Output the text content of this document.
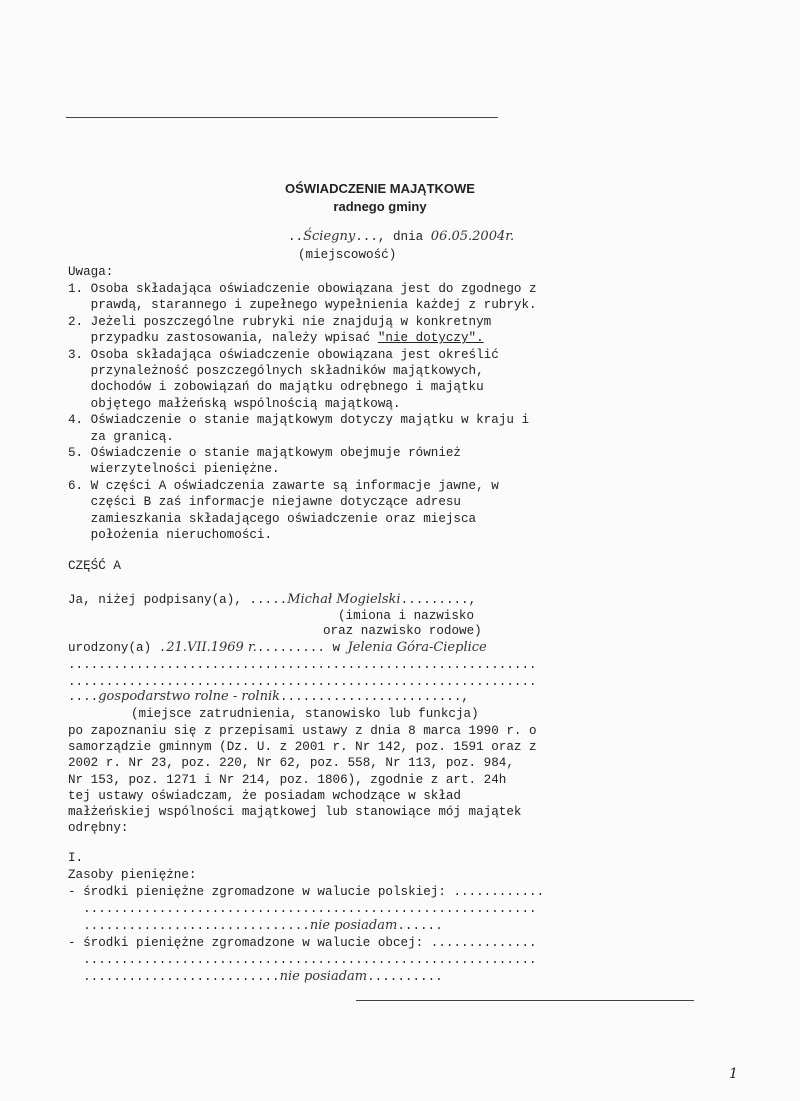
OŚWIADCZENIE MAJĄTKOWE
radnego gminy
..Ściegny..., dnia 06.05.2004r.
(miejscowość)
Uwaga:
1. Osoba składająca oświadczenie obowiązana jest do zgodnego z
prawdą, starannego i zupełnego wypełnienia każdej z rubryk.
2. Jeżeli poszczególne rubryki nie znajdują w konkretnym
przypadku zastosowania, należy wpisać "nie dotyczy".
3. Osoba składająca oświadczenie obowiązana jest określić
przynależność poszczególnych składników majątkowych,
dochodów i zobowiązań do majątku odrębnego i majątku
objętego małżeńską wspólnością majątkową.
4. Oświadczenie o stanie majątkowym dotyczy majątku w kraju i
za granicą.
5. Oświadczenie o stanie majątkowym obejmuje również
wierzytelności pieniężne.
6. W części A oświadczenia zawarte są informacje jawne, w
części B zaś informacje niejawne dotyczące adresu
zamieszkania składającego oświadczenie oraz miejsca
położenia nieruchomości.
CZĘŚĆ A
Ja, niżej podpisany(a), .....Michał Mogielski.........,
(imiona i nazwisko
oraz nazwisko rodowe)
urodzony(a) .21.VII.1969 r.......... w Jelenia Góra-Cieplice
..............................................................
..............................................................
....gospodarstwo rolne - rolnik........................,
(miejsce zatrudnienia, stanowisko lub funkcja)
po zapoznaniu się z przepisami ustawy z dnia 8 marca 1990 r. o
samorządzie gminnym (Dz. U. z 2001 r. Nr 142, poz. 1591 oraz z
2002 r. Nr 23, poz. 220, Nr 62, poz. 558, Nr 113, poz. 984,
Nr 153, poz. 1271 i Nr 214, poz. 1806), zgodnie z art. 24h
tej ustawy oświadczam, że posiadam wchodzące w skład
małżeńskiej wspólności majątkowej lub stanowiące mój majątek
odrębny:
I.
Zasoby pieniężne:
- środki pieniężne zgromadzone w walucie polskiej: ............
............................................................
..............................nie posiadam......
- środki pieniężne zgromadzone w walucie obcej: ..............
............................................................
..........................nie posiadam..........
1
